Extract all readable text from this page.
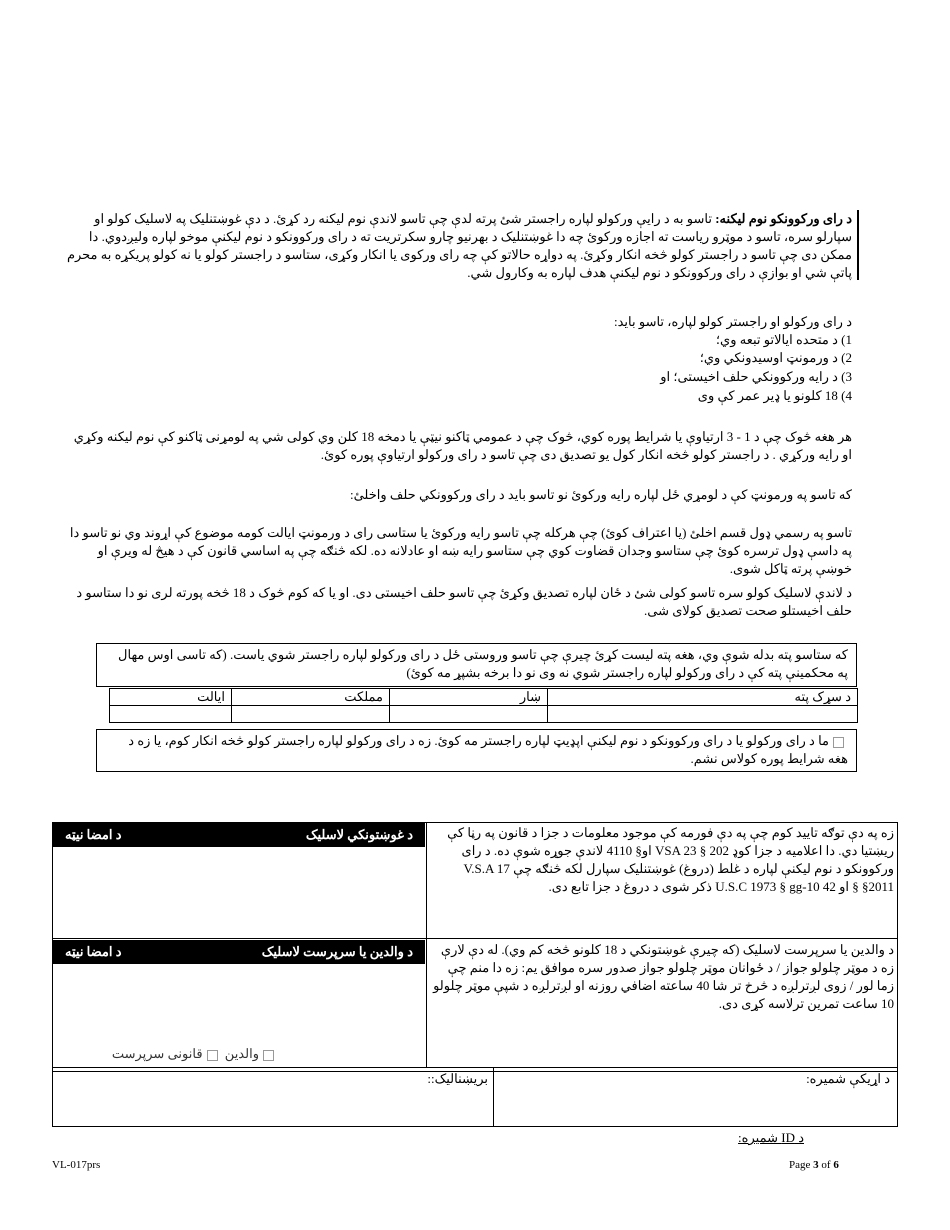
د رای ورکوونکو نوم لیکنه: تاسو به د رایې ورکولو لپاره راجستر شئ پرته لدې چې تاسو لاندې نوم لیکنه رد کړئ. د دې غوښتنلیک په لاسلیک کولو او سپارلو سره، تاسو د موټرو ریاست ته اجازه ورکوئ چه دا غوښتنلیک د بهرنیو چارو سکرتریت ته د رای ورکوونکو د نوم لیکنې موخو لپاره ولیږدوي. دا ممکن دی چې تاسو د راجستر کولو څخه انکار وکړئ. په دواړه حالاتو کې چه رای ورکوی یا انکار وکړی، ستاسو د راجستر کولو یا نه کولو پریکړه به محرم پاتې شي او بوازې د رای ورکوونکو د نوم لیکنې هدف لپاره به وکارول شي.
د رای ورکولو او راجستر کولو لپاره، تاسو باید:
1) د متحده ایالاتو تبعه وي؛
2) د ورمونټ اوسیدونکي وي؛
3) د رایه ورکوونکي حلف اخیستی؛ او
4) 18 کلونو یا ډیر عمر کې وی
هر هغه څوک چې د 1 - 3 ارتیاوې یا شرایط پوره کوي، څوک چې د عمومي ټاکنو نیټې یا دمخه 18 کلن وي کولی شي په لومړنی ټاکنو کې نوم لیکنه وکړي او رایه ورکړي . د راجستر کولو څخه انکار کول یو تصدیق دی چې تاسو د رای ورکولو ارتیاوې پوره کوئ.
که تاسو په ورمونټ کې د لومړي ځل لپاره رایه ورکوئ نو تاسو باید د رای ورکوونکي حلف واخلئ:
تاسو په رسمي ډول قسم اخلئ (یا اعتراف کوئ) چې هرکله چې تاسو رایه ورکوئ یا ستاسی رای د ورمونټ ایالت کومه موضوع کې اړوند وي نو تاسو دا په داسې ډول ترسره کوئ چې ستاسو وجدان قضاوت کوي چې ستاسو رایه ښه او عادلانه ده. لکه څنګه چې په اساسي قانون کې د هیڅ له ویرې او خوښې پرته ټاکل شوی.
د لاندې لاسلیک کولو سره تاسو کولی شئ د ځان لپاره تصدیق وکړئ چې تاسو حلف اخیستی دی. او یا که کوم څوک د 18 څخه پورته لری نو دا ستاسو د حلف اخیستلو صحت تصدیق کولای شی.
که ستاسو پته بدله شوې وي، هغه پته لیست کړئ چیرې چې تاسو وروستی ځل د رای ورکولو لپاره راجستر شوي یاست. (که تاسی اوس مهال په محکمینې پته کې د رای ورکولو لپاره راجستر شوي نه وی نو دا برخه بشپړ مه کوئ)
د سړک پته	ښار	مملکت	ایالت

ما د رای ورکولو یا د رای ورکوونکو د نوم لیکنې اپډیټ لپاره راجستر مه کوئ. زه د رای ورکولو لپاره راجستر کولو څخه انکار کوم، یا زه د هغه شرایط پوره کولاس نشم.
د غوښتونکي لاسلیک
د امضا نیټه	زه په دې توګه تایید کوم چې په دې فورمه کې موجود معلومات د جزا د قانون په رڼا کې ریښتیا دي. دا اعلامیه د جزا کوډ VSA 23 § 202 او§ 4110 لاندې جوړه شوې ده. د رای ورکوونکو د نوم لیکنې لپاره د غلط (دروغ) غوښتنلیک سپارل لکه څنګه چې V.S.A 17 §2011 § او 42 U.S.C 1973 § gg-10 ذکر شوی د دروغ د جزا تابع دی.
د والدین یا سرپرست لاسلیک
د امضا نیټه	د والدین یا سرپرست لاسلیک (که چیرې غوښتونکي د 18 کلونو څخه کم وي). له دې لارې زه د موټر چلولو جواز / د ځوانان موټر چلولو جواز صدور سره موافق یم: زه دا منم چې زما لور / زوی لږترلږه د څرخ تر شا 40 ساعته اضافي روزنه او لږترلږه د شپې موټر چلولو 10 ساعت تمرین ترلاسه کړی دی.
والدین قانونی سرپرست
د اړیکې شمیره:
بریښنالیک::
د ID شمیره:
VL-017prs	Page 3 of 6
